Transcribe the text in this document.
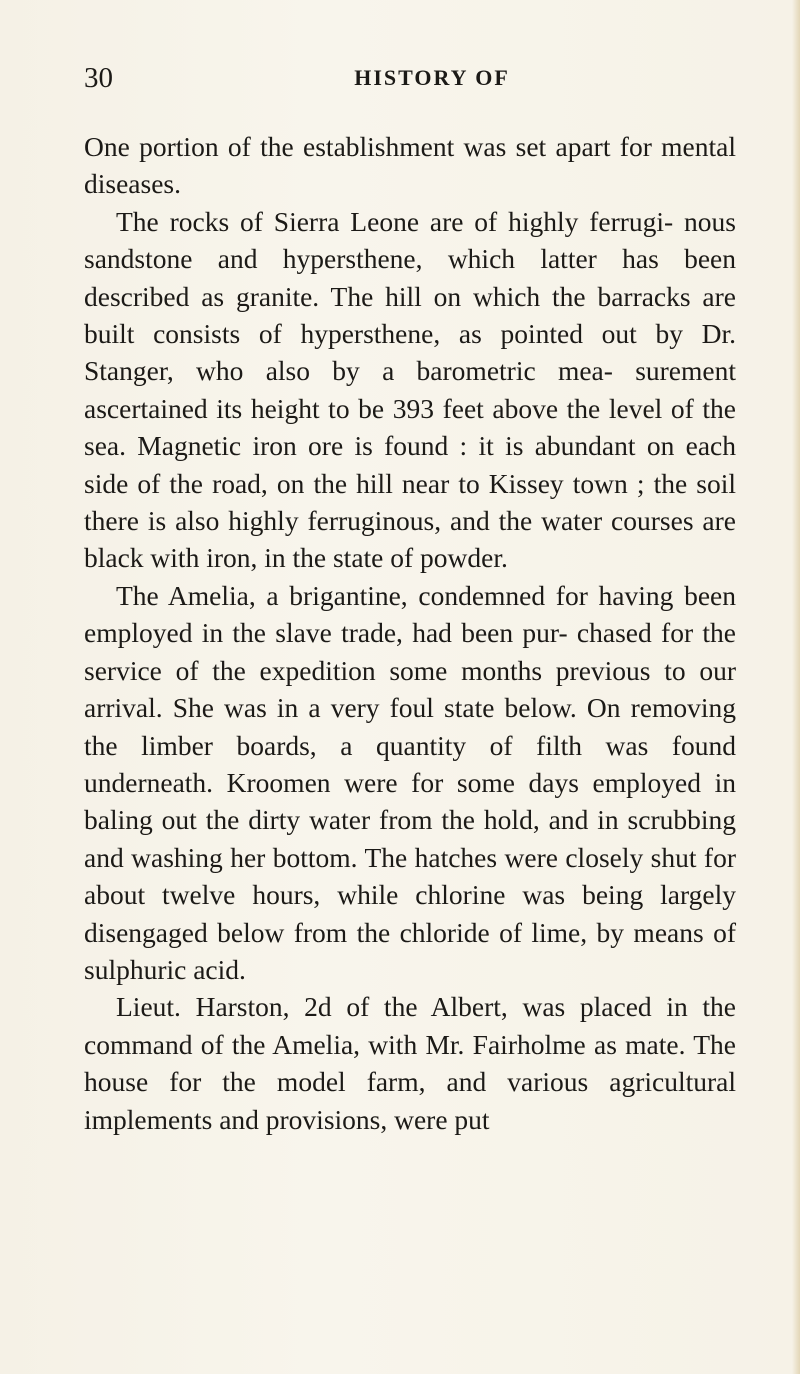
30	HISTORY OF

One portion of the establishment was set apart for mental diseases.

The rocks of Sierra Leone are of highly ferrugi- nous sandstone and hypersthene, which latter has been described as granite. The hill on which the barracks are built consists of hypersthene, as pointed out by Dr. Stanger, who also by a barometric mea- surement ascertained its height to be 393 feet above the level of the sea. Magnetic iron ore is found : it is abundant on each side of the road, on the hill near to Kissey town ; the soil there is also highly ferruginous, and the water courses are black with iron, in the state of powder.

The Amelia, a brigantine, condemned for having been employed in the slave trade, had been pur- chased for the service of the expedition some months previous to our arrival. She was in a very foul state below. On removing the limber boards, a quantity of filth was found underneath. Kroomen were for some days employed in baling out the dirty water from the hold, and in scrubbing and washing her bottom. The hatches were closely shut for about twelve hours, while chlorine was being largely disengaged below from the chloride of lime, by means of sulphuric acid.

Lieut. Harston, 2d of the Albert, was placed in the command of the Amelia, with Mr. Fairholme as mate. The house for the model farm, and various agricultural implements and provisions, were put
